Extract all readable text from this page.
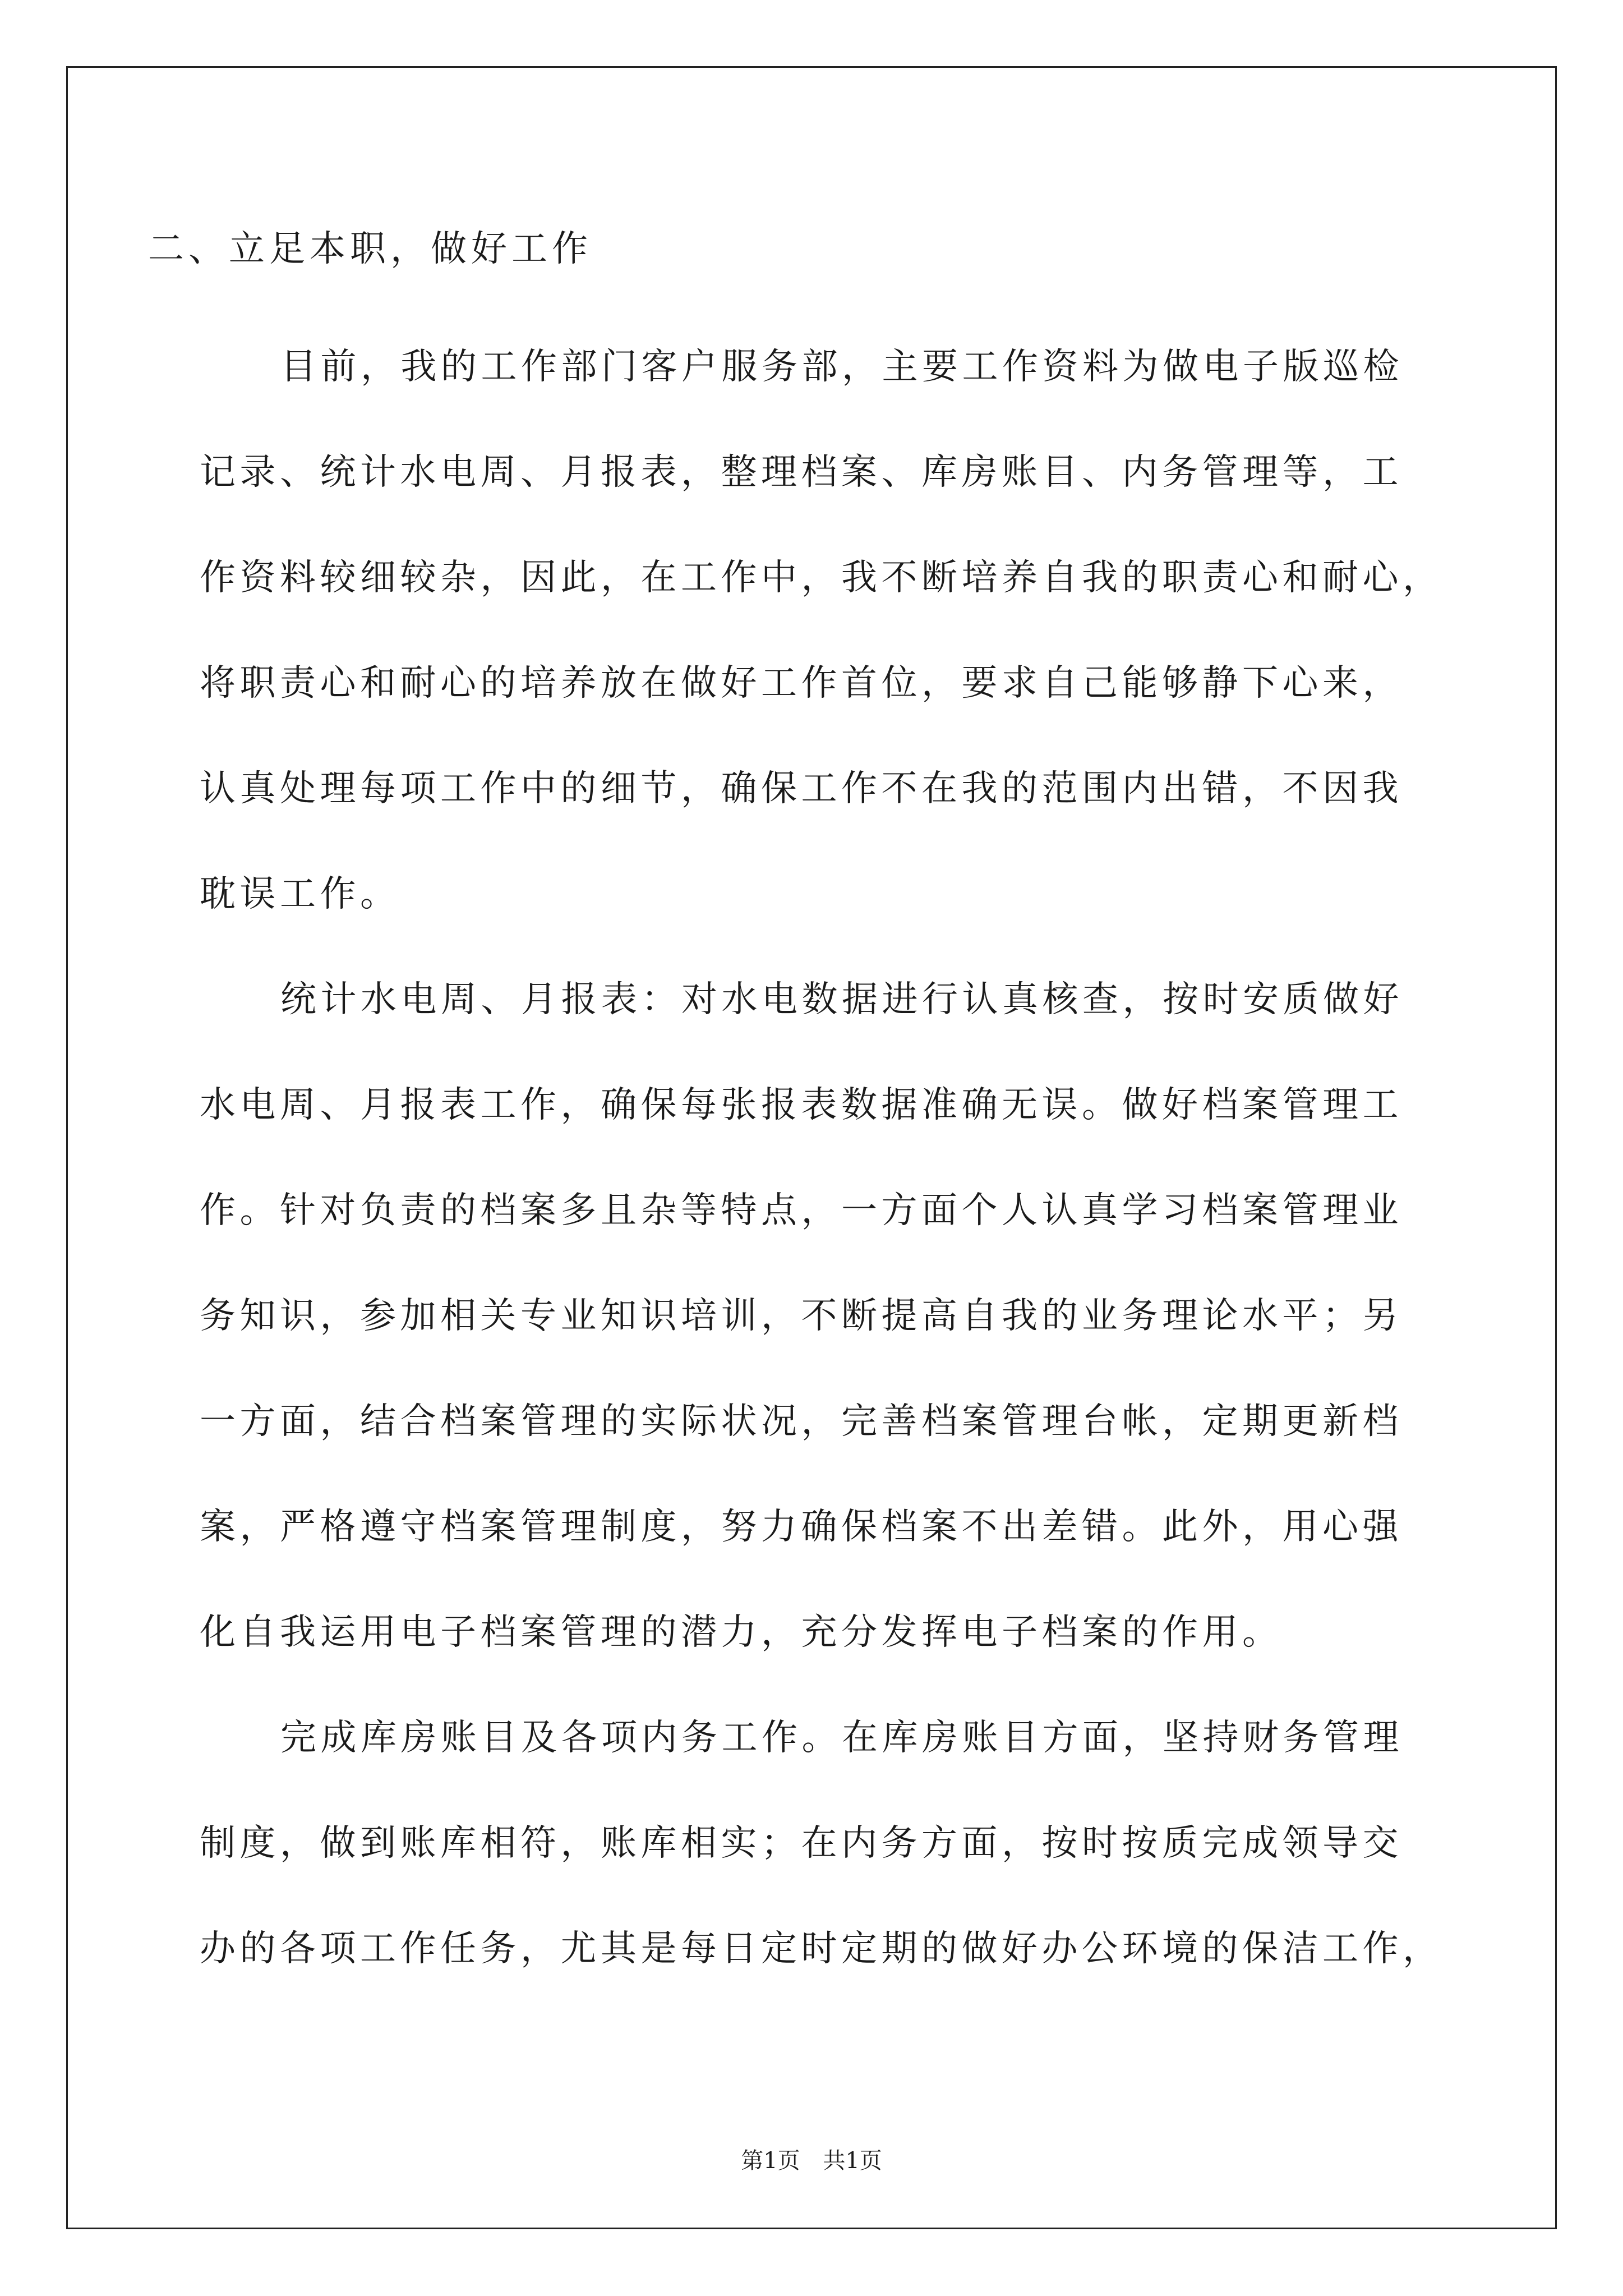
二、立足本职，做好工作
目前，我的工作部门客户服务部，主要工作资料为做电子版巡检
记录、统计水电周、月报表，整理档案、库房账目、内务管理等，工
作资料较细较杂，因此，在工作中，我不断培养自我的职责心和耐心，
将职责心和耐心的培养放在做好工作首位，要求自己能够静下心来，
认真处理每项工作中的细节，确保工作不在我的范围内出错，不因我
耽误工作。
统计水电周、月报表：对水电数据进行认真核查，按时安质做好
水电周、月报表工作，确保每张报表数据准确无误。做好档案管理工
作。针对负责的档案多且杂等特点，一方面个人认真学习档案管理业
务知识，参加相关专业知识培训，不断提高自我的业务理论水平；另
一方面，结合档案管理的实际状况，完善档案管理台帐，定期更新档
案，严格遵守档案管理制度，努力确保档案不出差错。此外，用心强
化自我运用电子档案管理的潜力，充分发挥电子档案的作用。
完成库房账目及各项内务工作。在库房账目方面，坚持财务管理
制度，做到账库相符，账库相实；在内务方面，按时按质完成领导交
办的各项工作任务，尤其是每日定时定期的做好办公环境的保洁工作，
第1页 共1页
